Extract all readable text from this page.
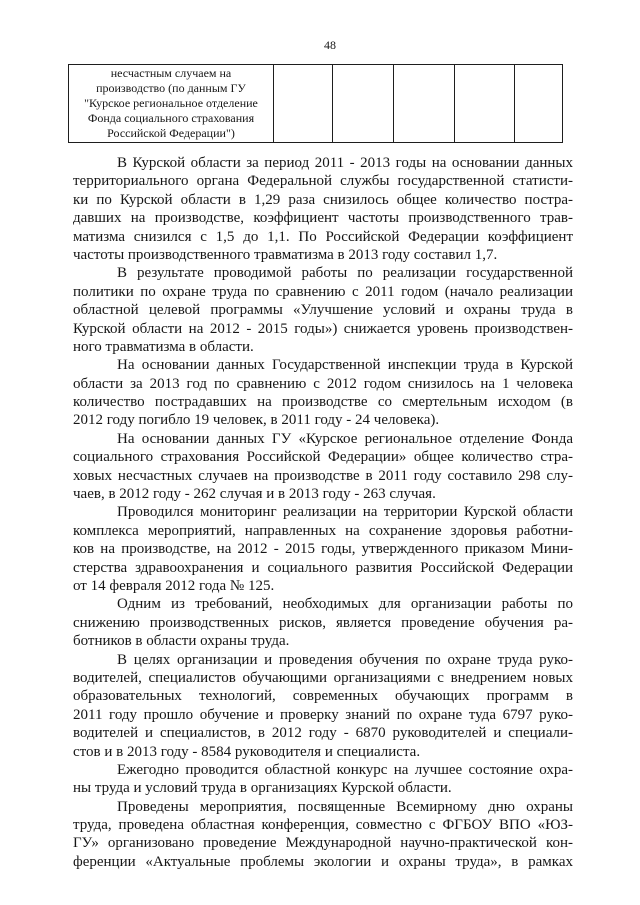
48
несчастным случаем на
производство (по данным ГУ
"Курское региональное отделение
Фонда социального страхования
Российской Федерации")
В Курской области за период 2011 - 2013 годы на основании данных
территориального органа Федеральной службы государственной статисти-
ки по Курской области в 1,29 раза снизилось общее количество постра-
давших на производстве, коэффициент частоты производственного трав-
матизма снизился с 1,5 до 1,1. По Российской Федерации коэффициент
частоты производственного травматизма в 2013 году составил 1,7.
В результате проводимой работы по реализации государственной
политики по охране труда по сравнению с 2011 годом (начало реализации
областной целевой программы «Улучшение условий и охраны труда в
Курской области на 2012 - 2015 годы») снижается уровень производствен-
ного травматизма в области.
На основании данных Государственной инспекции труда в Курской
области за 2013 год по сравнению с 2012 годом снизилось на 1 человека
количество пострадавших на производстве со смертельным исходом (в
2012 году погибло 19 человек, в 2011 году - 24 человека).
На основании данных ГУ «Курское региональное отделение Фонда
социального страхования Российской Федерации» общее количество стра-
ховых несчастных случаев на производстве в 2011 году составило 298 слу-
чаев, в 2012 году - 262 случая и в 2013 году - 263 случая.
Проводился мониторинг реализации на территории Курской области
комплекса мероприятий, направленных на сохранение здоровья работни-
ков на производстве, на 2012 - 2015 годы, утвержденного приказом Мини-
стерства здравоохранения и социального развития Российской Федерации
от 14 февраля 2012 года № 125.
Одним из требований, необходимых для организации работы по
снижению производственных рисков, является проведение обучения ра-
ботников в области охраны труда.
В целях организации и проведения обучения по охране труда руко-
водителей, специалистов обучающими организациями с внедрением новых
образовательных технологий, современных обучающих программ в
2011 году прошло обучение и проверку знаний по охране туда 6797 руко-
водителей и специалистов, в 2012 году - 6870 руководителей и специали-
стов и в 2013 году - 8584 руководителя и специалиста.
Ежегодно проводится областной конкурс на лучшее состояние охра-
ны труда и условий труда в организациях Курской области.
Проведены мероприятия, посвященные Всемирному дню охраны
труда, проведена областная конференция, совместно с ФГБОУ ВПО «ЮЗ-
ГУ» организовано проведение Международной научно-практической кон-
ференции «Актуальные проблемы экологии и охраны труда», в рамках
